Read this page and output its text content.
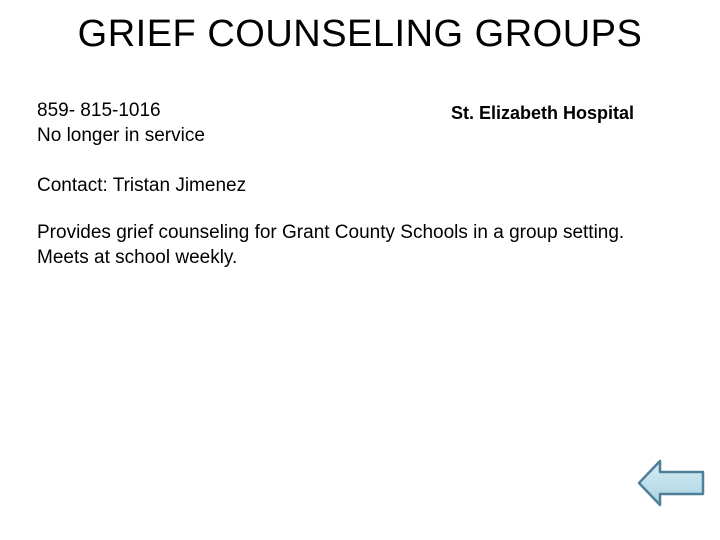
GRIEF COUNSELING GROUPS
859- 815-1016
No longer in service
St. Elizabeth Hospital
Contact: Tristan Jimenez
Provides grief counseling for Grant County Schools in a group setting.
Meets at school weekly.
